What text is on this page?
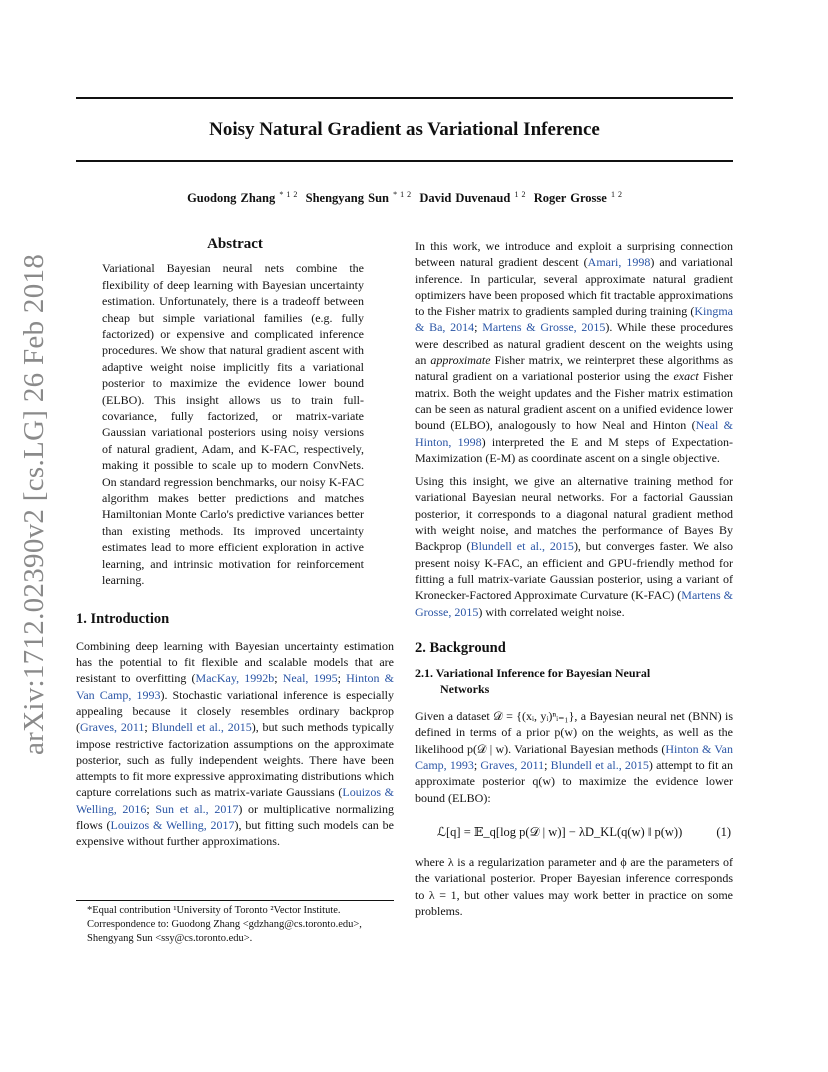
Noisy Natural Gradient as Variational Inference
Guodong Zhang $^{* 1 2}$ Shengyang Sun $^{* 1 2}$ David Duvenaud $^{1 2}$ Roger Grosse $^{1 2}$
arXiv:1712.02390v2 [cs.LG] 26 Feb 2018
Abstract

Variational Bayesian neural nets combine the flexibility of deep learning with Bayesian uncertainty estimation. Unfortunately, there is a tradeoff between cheap but simple variational families (e.g. fully factorized) or expensive and complicated inference procedures. We show that natural gradient ascent with adaptive weight noise implicitly fits a variational posterior to maximize the evidence lower bound (ELBO). This insight allows us to train full-covariance, fully factorized, or matrix-variate Gaussian variational posteriors using noisy versions of natural gradient, Adam, and K-FAC, respectively, making it possible to scale up to modern ConvNets. On standard regression benchmarks, our noisy K-FAC algorithm makes better predictions and matches Hamiltonian Monte Carlo's predictive variances better than existing methods. Its improved uncertainty estimates lead to more efficient exploration in active learning, and intrinsic motivation for reinforcement learning.

1. Introduction

Combining deep learning with Bayesian uncertainty estimation has the potential to fit flexible and scalable models that are resistant to overfitting (MacKay, 1992b; Neal, 1995; Hinton & Van Camp, 1993). Stochastic variational inference is especially appealing because it closely resembles ordinary backprop (Graves, 2011; Blundell et al., 2015), but such methods typically impose restrictive factorization assumptions on the approximate posterior, such as fully independent weights. There have been attempts to fit more expressive approximating distributions which capture correlations such as matrix-variate Gaussians (Louizos & Welling, 2016; Sun et al., 2017) or multiplicative normalizing flows (Louizos & Welling, 2017), but fitting such models can be expensive without further approximations.

*Equal contribution ¹University of Toronto ²Vector Institute.
Correspondence to: Guodong Zhang <gdzhang@cs.toronto.edu>,
Shengyang Sun <ssy@cs.toronto.edu>.

In this work, we introduce and exploit a surprising connection between natural gradient descent (Amari, 1998) and variational inference. In particular, several approximate natural gradient optimizers have been proposed which fit tractable approximations to the Fisher matrix to gradients sampled during training (Kingma & Ba, 2014; Martens & Grosse, 2015). While these procedures were described as natural gradient descent on the weights using an approximate Fisher matrix, we reinterpret these algorithms as natural gradient on a variational posterior using the exact Fisher matrix. Both the weight updates and the Fisher matrix estimation can be seen as natural gradient ascent on a unified evidence lower bound (ELBO), analogously to how Neal and Hinton (Neal & Hinton, 1998) interpreted the E and M steps of Expectation-Maximization (E-M) as coordinate ascent on a single objective.

Using this insight, we give an alternative training method for variational Bayesian neural networks. For a factorial Gaussian posterior, it corresponds to a diagonal natural gradient method with weight noise, and matches the performance of Bayes By Backprop (Blundell et al., 2015), but converges faster. We also present noisy K-FAC, an efficient and GPU-friendly method for fitting a full matrix-variate Gaussian posterior, using a variant of Kronecker-Factored Approximate Curvature (K-FAC) (Martens & Grosse, 2015) with correlated weight noise.

2. Background
2.1. Variational Inference for Bayesian Neural
Networks

Given a dataset 𝒟 = {(xᵢ, yᵢ)ⁿᵢ₌₁}, a Bayesian neural net (BNN) is defined in terms of a prior p(w) on the weights, as well as the likelihood p(𝒟 | w). Variational Bayesian methods (Hinton & Van Camp, 1993; Graves, 2011; Blundell et al., 2015) attempt to fit an approximate posterior q(w) to maximize the evidence lower bound (ELBO):

ℒ[q] = 𝔼_q[log p(𝒟 | w)] − λD_KL(q(w) ‖ p(w))	(1)

where λ is a regularization parameter and ϕ are the parameters of the variational posterior. Proper Bayesian inference corresponds to λ = 1, but other values may work better in practice on some problems.
